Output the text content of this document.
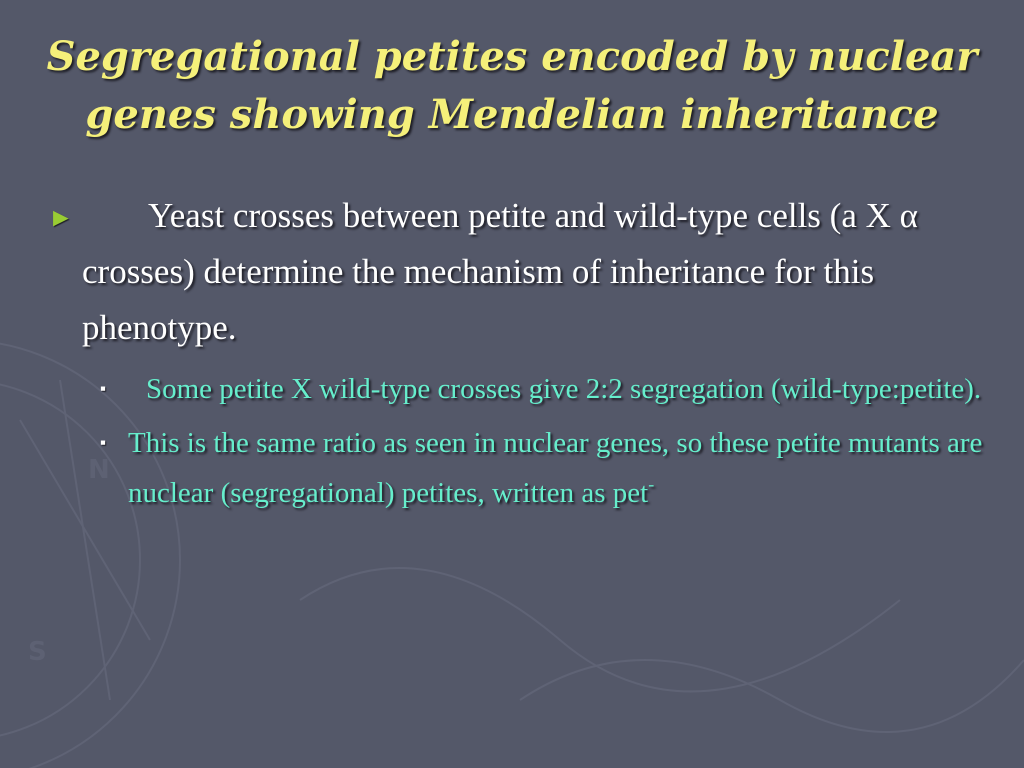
N
S
Segregational petites encoded by nuclear genes showing Mendelian inheritance
► Yeast crosses between petite and wild-type cells (a X α crosses) determine the mechanism of inheritance for this phenotype.
▪ Some petite X wild-type crosses give 2:2 segregation (wild-type:petite).
▪ This is the same ratio as seen in nuclear genes, so these petite mutants are nuclear (segregational) petites, written as pet-
